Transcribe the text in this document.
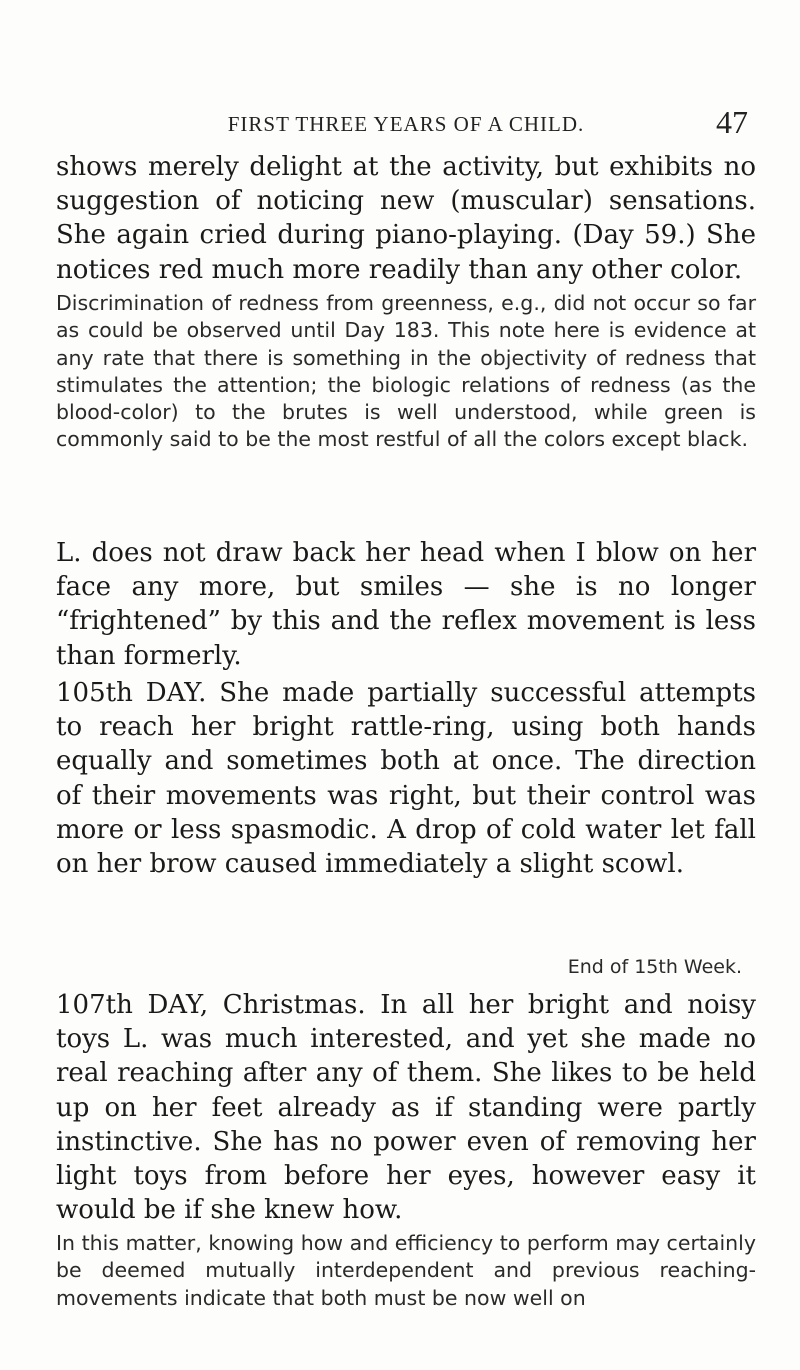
FIRST THREE YEARS OF A CHILD.	47

shows merely delight at the activity, but exhibits no suggestion of noticing new (muscular) sensations. She again cried during piano-playing. (Day 59.) She notices red much more readily than any other color.

Discrimination of redness from greenness, e.g., did not occur so far as could be observed until Day 183. This note here is evidence at any rate that there is something in the objectivity of redness that stimulates the attention; the biologic relations of redness (as the blood-color) to the brutes is well understood, while green is commonly said to be the most restful of all the colors except black.

L. does not draw back her head when I blow on her face any more, but smiles — she is no longer “frightened” by this and the reflex movement is less than formerly.

105th DAY. She made partially successful attempts to reach her bright rattle-ring, using both hands equally and sometimes both at once. The direction of their movements was right, but their control was more or less spasmodic. A drop of cold water let fall on her brow caused immediately a slight scowl.

End of 15th Week.

107th DAY, Christmas. In all her bright and noisy toys L. was much interested, and yet she made no real reaching after any of them. She likes to be held up on her feet already as if standing were partly instinctive. She has no power even of removing her light toys from before her eyes, however easy it would be if she knew how.

In this matter, knowing how and efficiency to perform may certainly be deemed mutually interdependent and previous reaching-movements indicate that both must be now well on
